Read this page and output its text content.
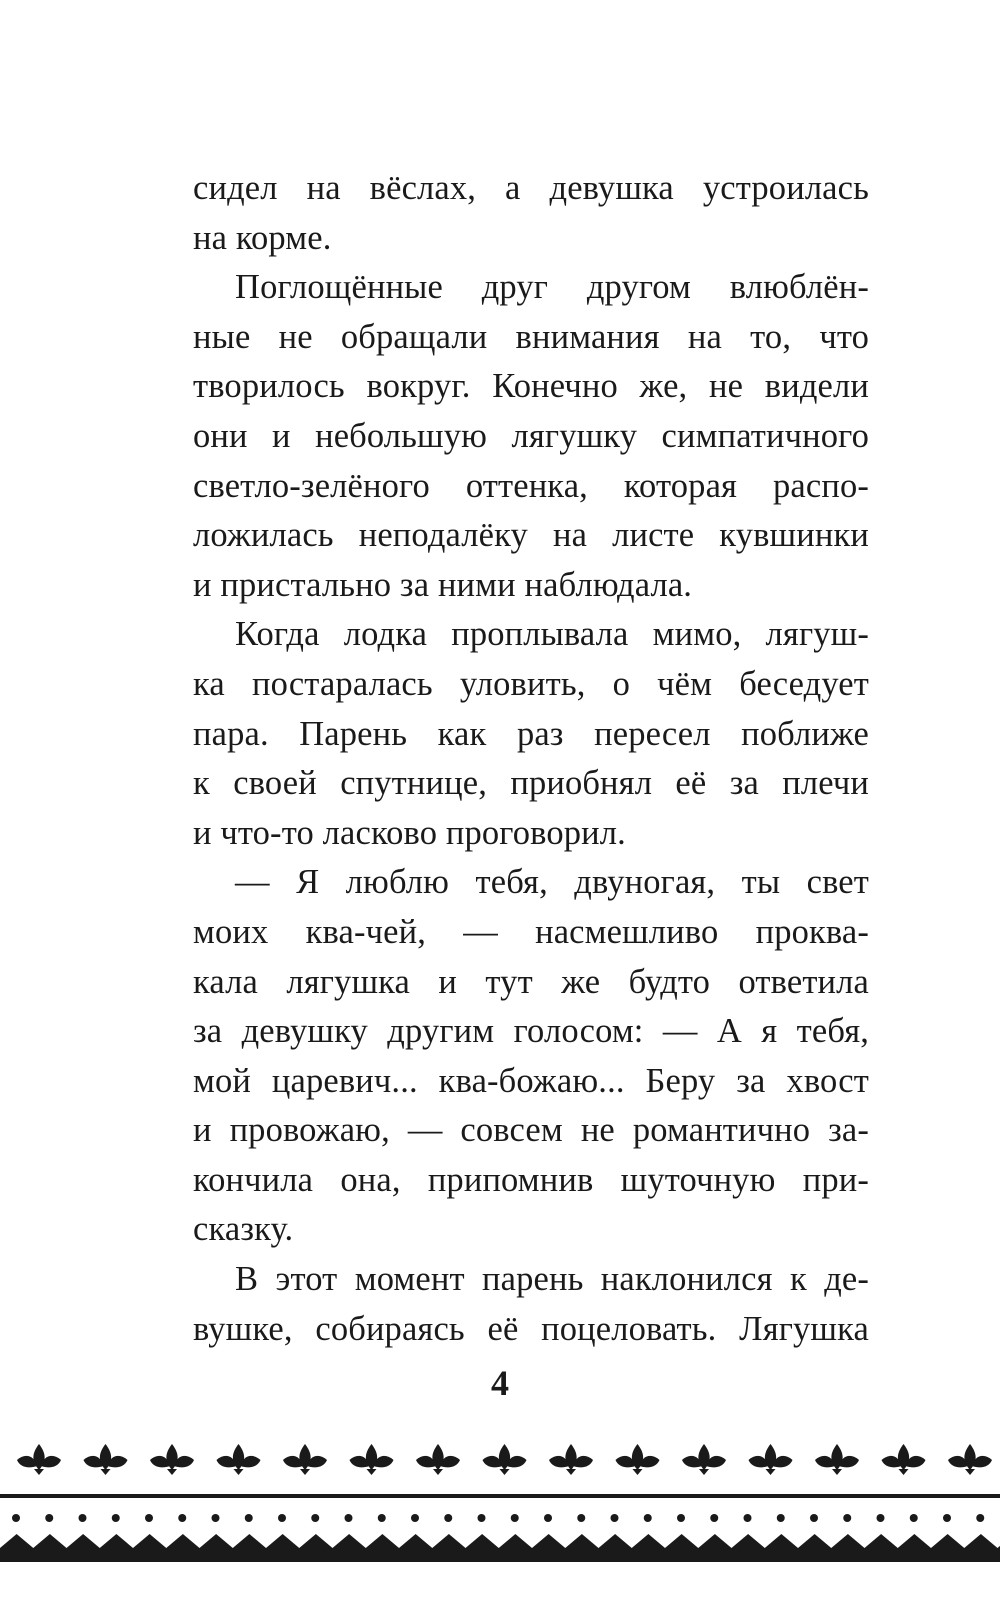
сидел на вёслах, а девушка устроилась
на корме.
Поглощённые друг другом влюблён-
ные не обращали внимания на то, что
творилось вокруг. Конечно же, не видели
они и небольшую лягушку симпатичного
светло-зелёного оттенка, которая распо-
ложилась неподалёку на листе кувшинки
и пристально за ними наблюдала.
Когда лодка проплывала мимо, лягуш-
ка постаралась уловить, о чём беседует
пара. Парень как раз пересел поближе
к своей спутнице, приобнял её за плечи
и что-то ласково проговорил.
— Я люблю тебя, двуногая, ты свет
моих ква-чей, — насмешливо прoква-
кала лягушка и тут же будто ответила
за девушку другим голосом: — А я тебя,
мой царевич... ква-божаю... Беру за хвост
и провожаю, — совсем не романтично за-
кончила она, припомнив шуточную при-
сказку.
В этот момент парень наклонился к де-
вушке, собираясь её поцеловать. Лягушка
4
